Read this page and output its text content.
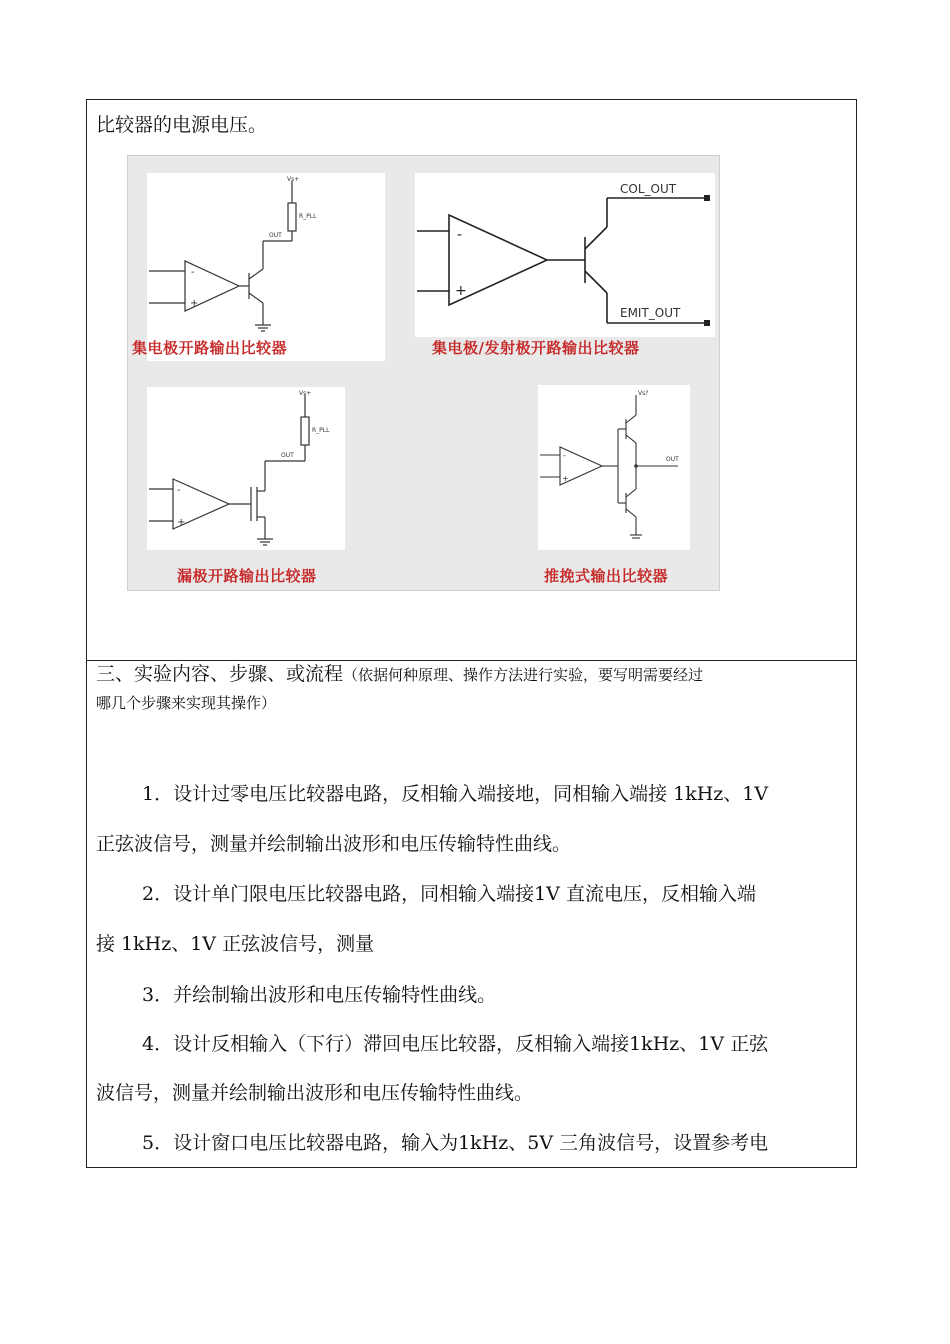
比较器的电源电压。
-
+
Vs+
R_PLL
OUT
集电极开路输出比较器
-
+
COL_OUT
EMIT_OUT
集电极/发射极开路输出比较器
-
+
Vs+
R_PLL
OUT
漏极开路输出比较器
-
+
Vs?
OUT
推挽式输出比较器
三、实验内容、步骤、或流程（依据何种原理、操作方法进行实验，要写明需要经过
哪几个步骤来实现其操作）
1．设计过零电压比较器电路，反相输入端接地，同相输入端接 1kHz、1V
正弦波信号，测量并绘制输出波形和电压传输特性曲线。
2．设计单门限电压比较器电路，同相输入端接1V 直流电压，反相输入端
接 1kHz、1V 正弦波信号，测量
3．并绘制输出波形和电压传输特性曲线。
4．设计反相输入（下行）滞回电压比较器，反相输入端接1kHz、1V 正弦
波信号，测量并绘制输出波形和电压传输特性曲线。
5．设计窗口电压比较器电路，输入为1kHz、5V 三角波信号，设置参考电
